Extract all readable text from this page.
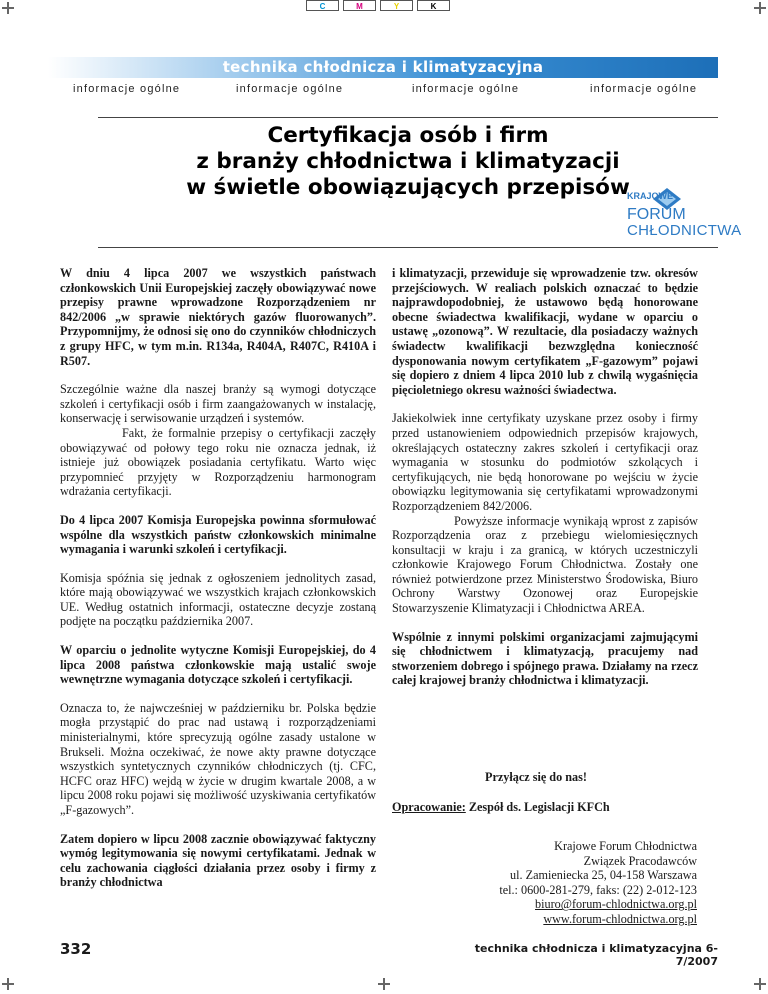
C	M	Y	K
technika chłodnicza i klimatyzacyjna
informacje ogólne	informacje ogólne	informacje ogólne	informacje ogólne
Certyfikacja osób i firm
z branży chłodnictwa i klimatyzacji
w świetle obowiązujących przepisów
KRAJOWE
FORUM
CHŁODNICTWA

W dniu 4 lipca 2007 we wszystkich państwach członkowskich Unii Europejskiej zaczęły obowiązywać nowe przepisy prawne wprowadzone Rozporządzeniem nr 842/2006 „w sprawie niektórych gazów fluorowanych”. Przypomnijmy, że odnosi się ono do czynników chłodniczych z grupy HFC, w tym m.in. R134a, R404A, R407C, R410A i R507.

Szczególnie ważne dla naszej branży są wymogi dotyczące szkoleń i certyfikacji osób i firm zaangażowanych w instalację, konserwację i serwisowanie urządzeń i systemów.

Fakt, że formalnie przepisy o certyfikacji zaczęły obowiązywać od połowy tego roku nie oznacza jednak, iż istnieje już obowiązek posiadania certyfikatu. Warto więc przypomnieć przyjęty w Rozporządzeniu harmonogram wdrażania certyfikacji.

Do 4 lipca 2007 Komisja Europejska powinna sformułować wspólne dla wszystkich państw członkowskich minimalne wymagania i warunki szkoleń i certyfikacji.

Komisja spóźnia się jednak z ogłoszeniem jednolitych zasad, które mają obowiązywać we wszystkich krajach członkowskich UE. Według ostatnich informacji, ostateczne decyzje zostaną podjęte na początku października 2007.

W oparciu o jednolite wytyczne Komisji Europejskiej, do 4 lipca 2008 państwa członkowskie mają ustalić swoje wewnętrzne wymagania dotyczące szkoleń i certyfikacji.

Oznacza to, że najwcześniej w październiku br. Polska będzie mogła przystąpić do prac nad ustawą i rozporządzeniami ministerialnymi, które sprecyzują ogólne zasady ustalone w Brukseli. Można oczekiwać, że nowe akty prawne dotyczące wszystkich syntetycznych czynników chłodniczych (tj. CFC, HCFC oraz HFC) wejdą w życie w drugim kwartale 2008, a w lipcu 2008 roku pojawi się możliwość uzyskiwania certyfikatów „F-gazowych”.

Zatem dopiero w lipcu 2008 zacznie obowiązywać faktyczny wymóg legitymowania się nowymi certyfikatami. Jednak w celu zachowania ciągłości działania przez osoby i firmy z branży chłodnictwa

i klimatyzacji, przewiduje się wprowadzenie tzw. okresów przejściowych. W realiach polskich oznaczać to będzie najprawdopodobniej, że ustawowo będą honorowane obecne świadectwa kwalifikacji, wydane w oparciu o ustawę „ozonową”. W rezultacie, dla posiadaczy ważnych świadectw kwalifikacji bezwzględna konieczność dysponowania nowym certyfikatem „F-gazowym” pojawi się dopiero z dniem 4 lipca 2010 lub z chwilą wygaśnięcia pięcioletniego okresu ważności świadectwa.

Jakiekolwiek inne certyfikaty uzyskane przez osoby i firmy przed ustanowieniem odpowiednich przepisów krajowych, określających ostateczny zakres szkoleń i certyfikacji oraz wymagania w stosunku do podmiotów szkolących i certyfikujących, nie będą honorowane po wejściu w życie obowiązku legitymowania się certyfikatami wprowadzonymi Rozporządzeniem 842/2006.

Powyższe informacje wynikają wprost z zapisów Rozporządzenia oraz z przebiegu wielomiesięcznych konsultacji w kraju i za granicą, w których uczestniczyli członkowie Krajowego Forum Chłodnictwa. Zostały one również potwierdzone przez Ministerstwo Środowiska, Biuro Ochrony Warstwy Ozonowej oraz Europejskie Stowarzyszenie Klimatyzacji i Chłodnictwa AREA.

Wspólnie z innymi polskimi organizacjami zajmującymi się chłodnictwem i klimatyzacją, pracujemy nad stworzeniem dobrego i spójnego prawa. Działamy na rzecz całej krajowej branży chłodnictwa i klimatyzacji.

Przyłącz się do nas!
Opracowanie: Zespół ds. Legislacji KFCh
Krajowe Forum Chłodnictwa
Związek Pracodawców
ul. Zamieniecka 25, 04-158 Warszawa
tel.: 0600-281-279, faks: (22) 2-012-123
biuro@forum-chlodnictwa.org.pl
www.forum-chlodnictwa.org.pl
332	technika chłodnicza i klimatyzacyjna 6-7/2007
